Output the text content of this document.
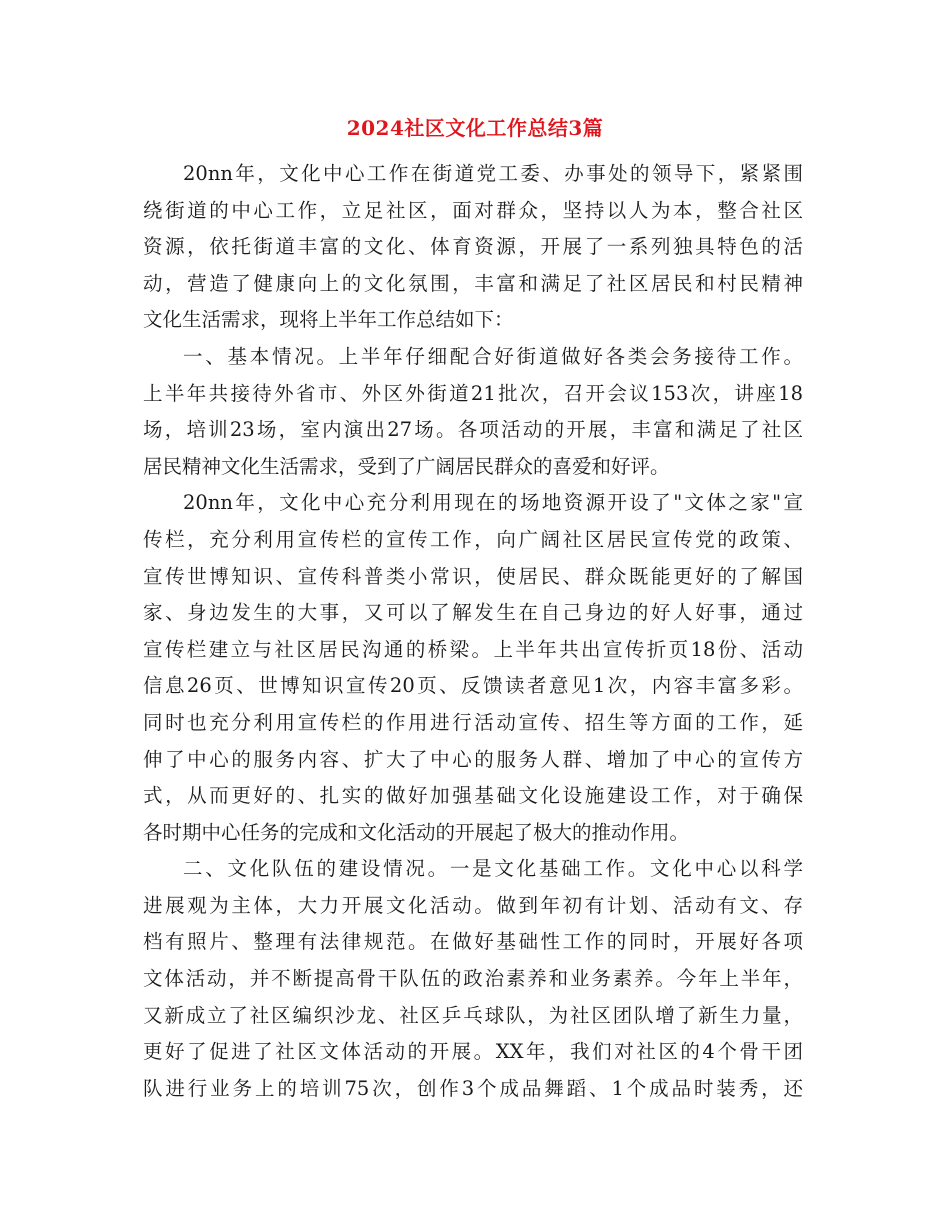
2024社区文化工作总结3篇
20nn年，文化中心工作在街道党工委、办事处的领导下，紧紧围
绕街道的中心工作，立足社区，面对群众，坚持以人为本，整合社区
资源，依托街道丰富的文化、体育资源，开展了一系列独具特色的活
动，营造了健康向上的文化氛围，丰富和满足了社区居民和村民精神
文化生活需求，现将上半年工作总结如下：
一、基本情况。上半年仔细配合好街道做好各类会务接待工作。
上半年共接待外省市、外区外街道21批次，召开会议153次，讲座18
场，培训23场，室内演出27场。各项活动的开展，丰富和满足了社区
居民精神文化生活需求，受到了广阔居民群众的喜爱和好评。
20nn年，文化中心充分利用现在的场地资源开设了"文体之家"宣
传栏，充分利用宣传栏的宣传工作，向广阔社区居民宣传党的政策、
宣传世博知识、宣传科普类小常识，使居民、群众既能更好的了解国
家、身边发生的大事，又可以了解发生在自己身边的好人好事，通过
宣传栏建立与社区居民沟通的桥梁。上半年共出宣传折页18份、活动
信息26页、世博知识宣传20页、反馈读者意见1次，内容丰富多彩。
同时也充分利用宣传栏的作用进行活动宣传、招生等方面的工作，延
伸了中心的服务内容、扩大了中心的服务人群、增加了中心的宣传方
式，从而更好的、扎实的做好加强基础文化设施建设工作，对于确保
各时期中心任务的完成和文化活动的开展起了极大的推动作用。
二、文化队伍的建设情况。一是文化基础工作。文化中心以科学
进展观为主体，大力开展文化活动。做到年初有计划、活动有文、存
档有照片、整理有法律规范。在做好基础性工作的同时，开展好各项
文体活动，并不断提高骨干队伍的政治素养和业务素养。今年上半年，
又新成立了社区编织沙龙、社区乒乓球队，为社区团队增了新生力量，
更好了促进了社区文体活动的开展。XX年，我们对社区的4个骨干团
队进行业务上的培训75次，创作3个成品舞蹈、1个成品时装秀，还
